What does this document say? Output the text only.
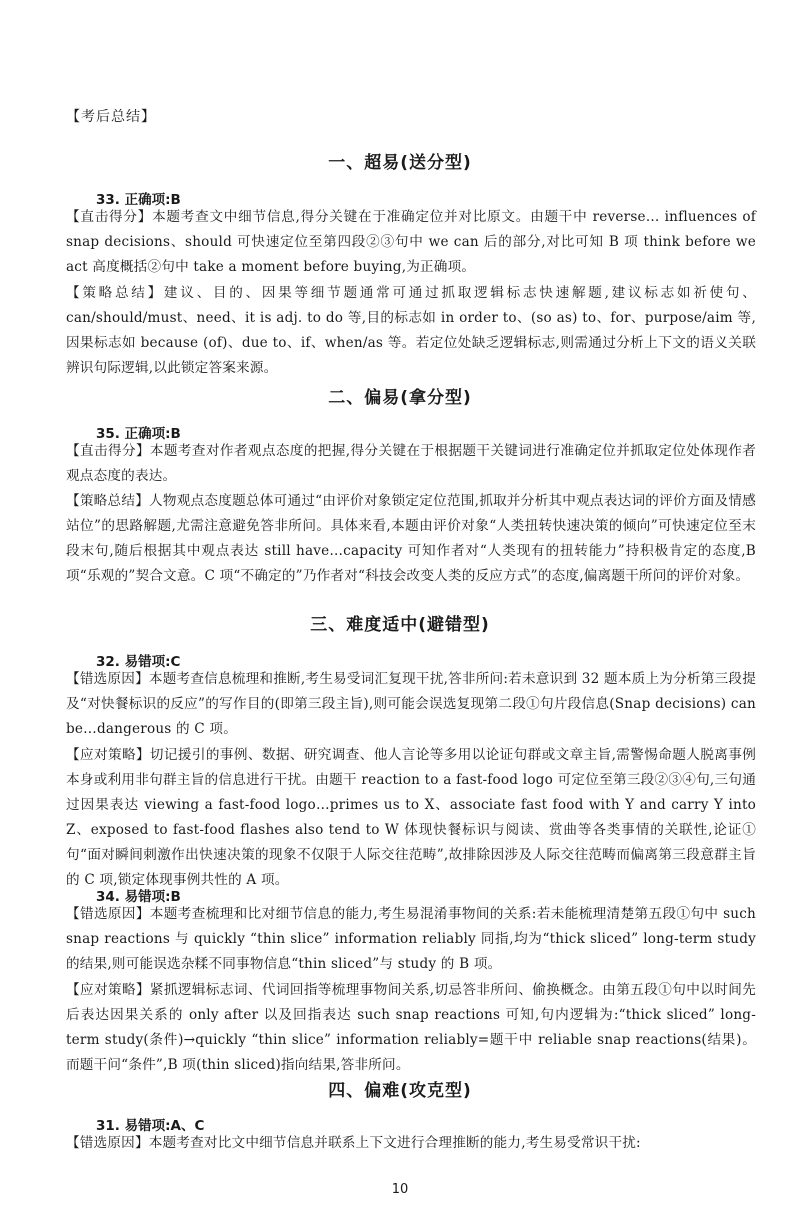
【考后总结】
一、超易(送分型)
33. 正确项:B
【直击得分】本题考查文中细节信息,得分关键在于准确定位并对比原文。由题干中 reverse… influences of snap decisions、should 可快速定位至第四段②③句中 we can 后的部分,对比可知 B 项 think before we act 高度概括②句中 take a moment before buying,为正确项。
【策略总结】建议、目的、因果等细节题通常可通过抓取逻辑标志快速解题,建议标志如祈使句、can/should/must、need、it is adj. to do 等,目的标志如 in order to、(so as) to、for、purpose/aim 等,因果标志如 because (of)、due to、if、when/as 等。若定位处缺乏逻辑标志,则需通过分析上下文的语义关联辨识句际逻辑,以此锁定答案来源。
二、偏易(拿分型)
35. 正确项:B
【直击得分】本题考查对作者观点态度的把握,得分关键在于根据题干关键词进行准确定位并抓取定位处体现作者观点态度的表达。
【策略总结】人物观点态度题总体可通过“由评价对象锁定定位范围,抓取并分析其中观点表达词的评价方面及情感站位”的思路解题,尤需注意避免答非所问。具体来看,本题由评价对象“人类扭转快速决策的倾向”可快速定位至末段末句,随后根据其中观点表达 still have…capacity 可知作者对“人类现有的扭转能力”持积极肯定的态度,B 项“乐观的”契合文意。C 项“不确定的”乃作者对“科技会改变人类的反应方式”的态度,偏离题干所问的评价对象。
三、难度适中(避错型)
32. 易错项:C
【错选原因】本题考查信息梳理和推断,考生易受词汇复现干扰,答非所问:若未意识到 32 题本质上为分析第三段提及“对快餐标识的反应”的写作目的(即第三段主旨),则可能会误选复现第二段①句片段信息(Snap decisions) can be…dangerous 的 C 项。
【应对策略】切记援引的事例、数据、研究调查、他人言论等多用以论证句群或文章主旨,需警惕命题人脱离事例本身或利用非句群主旨的信息进行干扰。由题干 reaction to a fast-food logo 可定位至第三段②③④句,三句通过因果表达 viewing a fast-food logo…primes us to X、associate fast food with Y and carry Y into Z、exposed to fast-food flashes also tend to W 体现快餐标识与阅读、赏曲等各类事情的关联性,论证①句“面对瞬间刺激作出快速决策的现象不仅限于人际交往范畴”,故排除因涉及人际交往范畴而偏离第三段意群主旨的 C 项,锁定体现事例共性的 A 项。
34. 易错项:B
【错选原因】本题考查梳理和比对细节信息的能力,考生易混淆事物间的关系:若未能梳理清楚第五段①句中 such snap reactions 与 quickly “thin slice” information reliably 同指,均为“thick sliced” long-term study 的结果,则可能误选杂糅不同事物信息“thin sliced”与 study 的 B 项。
【应对策略】紧抓逻辑标志词、代词回指等梳理事物间关系,切忌答非所问、偷换概念。由第五段①句中以时间先后表达因果关系的 only after 以及回指表达 such snap reactions 可知,句内逻辑为:“thick sliced” long-term study(条件)→quickly “thin slice” information reliably=题干中 reliable snap reactions(结果)。而题干问“条件”,B 项(thin sliced)指向结果,答非所问。
四、偏难(攻克型)
31. 易错项:A、C
【错选原因】本题考查对比文中细节信息并联系上下文进行合理推断的能力,考生易受常识干扰:
10
